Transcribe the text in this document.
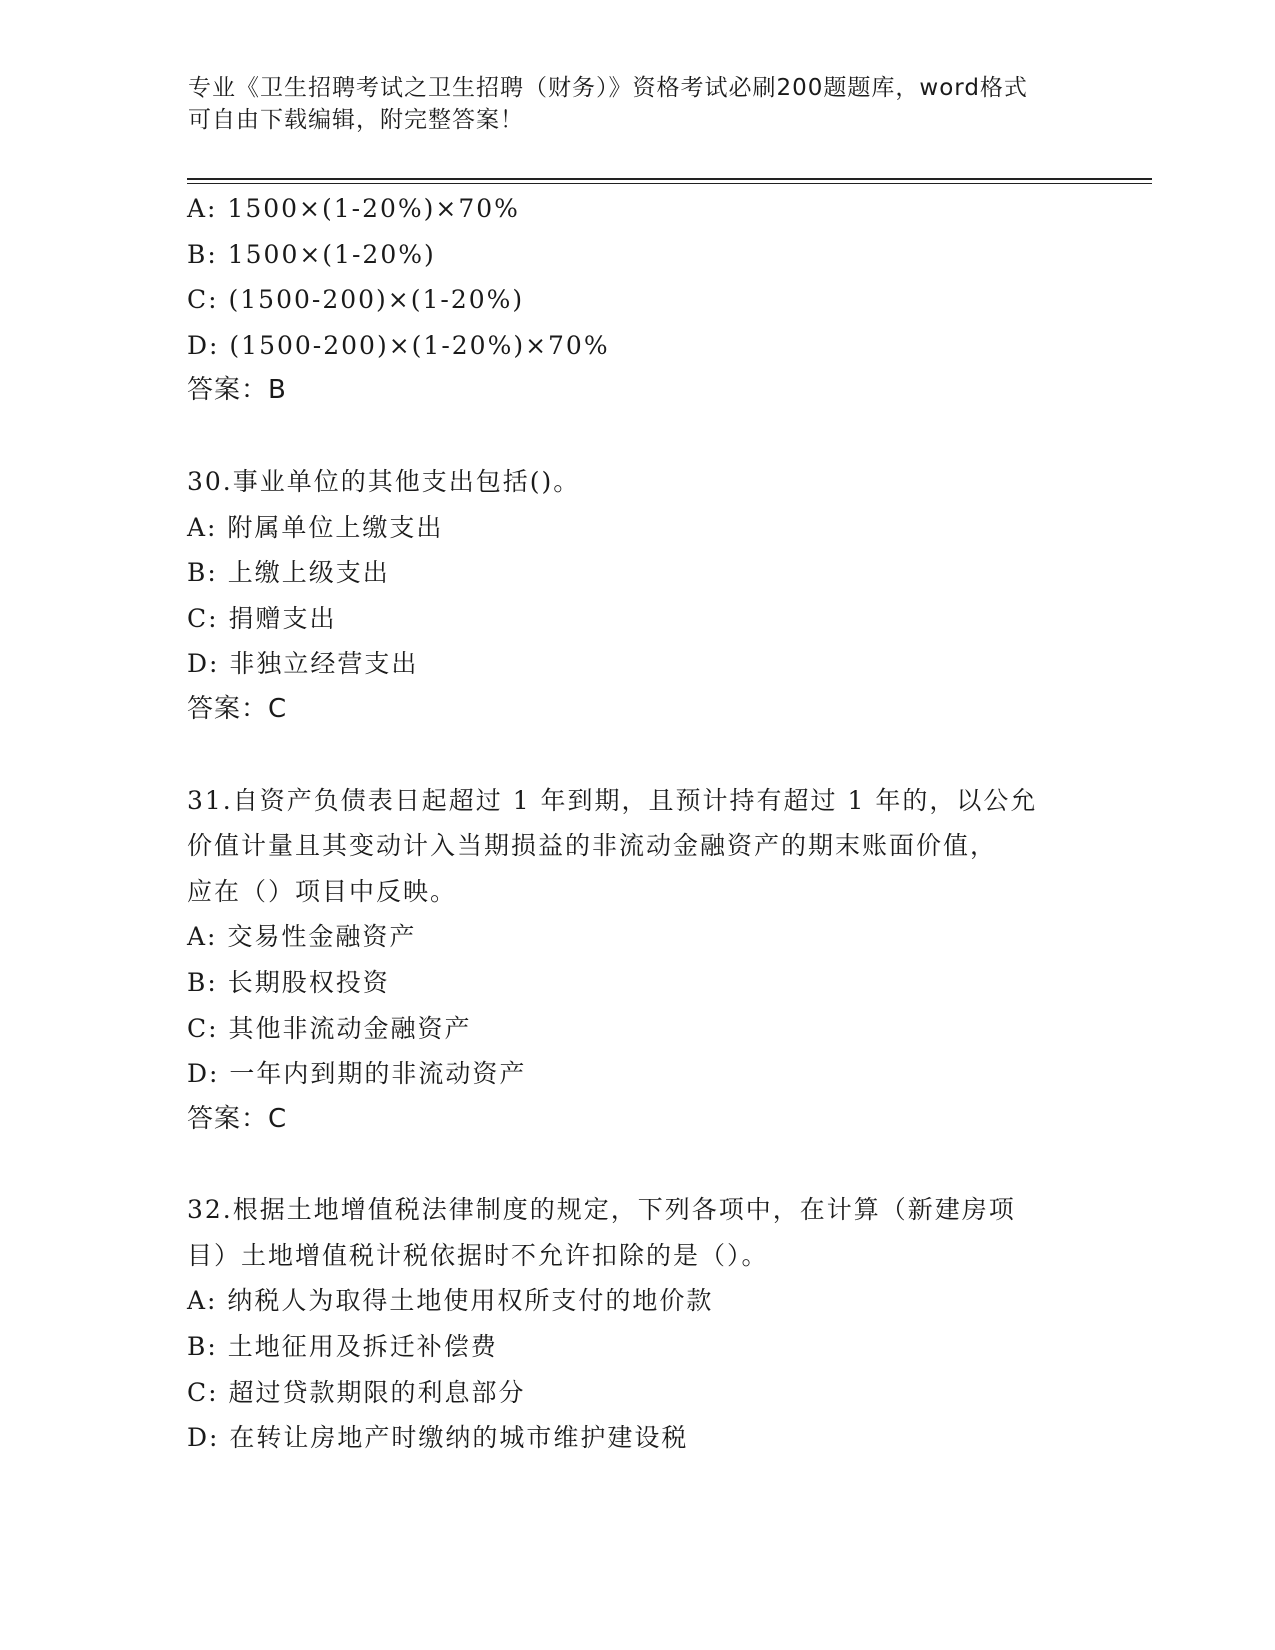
专业《卫生招聘考试之卫生招聘（财务）》资格考试必刷200题题库，word格式
可自由下载编辑，附完整答案！
A: 1500×(1-20%)×70%
B: 1500×(1-20%)
C: (1500-200)×(1-20%)
D: (1500-200)×(1-20%)×70%
答案：B
30.事业单位的其他支出包括()。
A: 附属单位上缴支出
B: 上缴上级支出
C: 捐赠支出
D: 非独立经营支出
答案：C
31.自资产负债表日起超过 1 年到期，且预计持有超过 1 年的，以公允
价值计量且其变动计入当期损益的非流动金融资产的期末账面价值，
应在（）项目中反映。
A: 交易性金融资产
B: 长期股权投资
C: 其他非流动金融资产
D: 一年内到期的非流动资产
答案：C
32.根据土地增值税法律制度的规定，下列各项中，在计算（新建房项
目）土地增值税计税依据时不允许扣除的是（）。
A: 纳税人为取得土地使用权所支付的地价款
B: 土地征用及拆迁补偿费
C: 超过贷款期限的利息部分
D: 在转让房地产时缴纳的城市维护建设税
